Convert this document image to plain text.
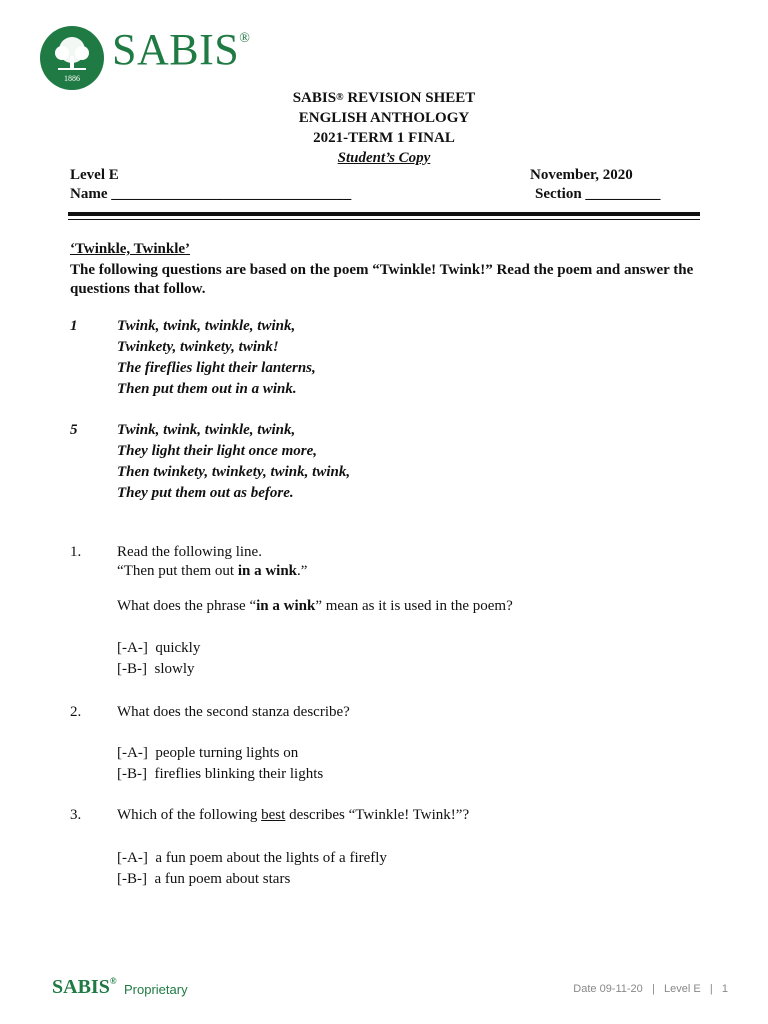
1886
SABIS®
SABIS® REVISION SHEET
ENGLISH ANTHOLOGY
2021-TERM 1 FINAL
Student’s Copy
Level E	November, 2020
Name ________________________________	Section __________
‘Twinkle, Twinkle’
The following questions are based on the poem “Twinkle! Twink!” Read the poem and answer the questions that follow.
1	Twink, twink, twinkle, twink,
Twinkety, twinkety, twink!
The fireflies light their lanterns,
Then put them out in a wink.
5	Twink, twink, twinkle, twink,
They light their light once more,
Then twinkety, twinkety, twink, twink,
They put them out as before.
1. Read the following line.
“Then put them out in a wink.”
What does the phrase “in a wink” mean as it is used in the poem?
[-A-] quickly
[-B-] slowly
2. What does the second stanza describe?
[-A-] people turning lights on
[-B-] fireflies blinking their lights
3. Which of the following best describes “Twinkle! Twink!”?
[-A-] a fun poem about the lights of a firefly
[-B-] a fun poem about stars
SABIS®
Proprietary	Date 09-11-20   |   Level E   |   1
